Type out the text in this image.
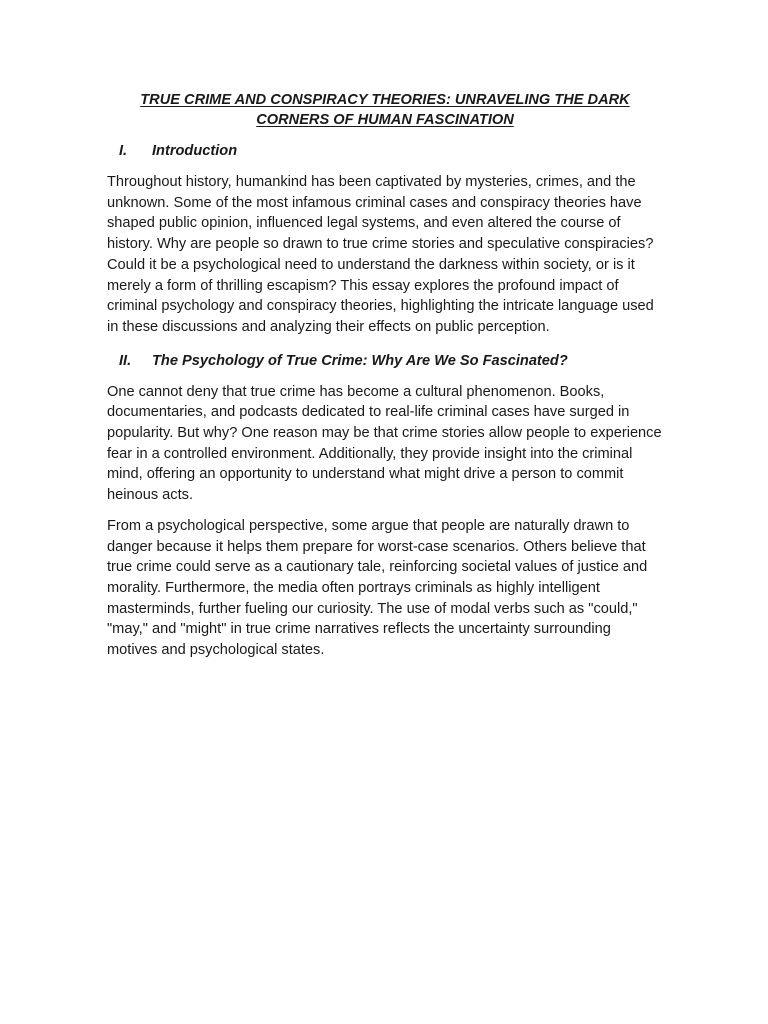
TRUE CRIME AND CONSPIRACY THEORIES: UNRAVELING THE DARK
CORNERS OF HUMAN FASCINATION
I.	Introduction

Throughout history, humankind has been captivated by mysteries, crimes, and the unknown. Some of the most infamous criminal cases and conspiracy theories have shaped public opinion, influenced legal systems, and even altered the course of history. Why are people so drawn to true crime stories and speculative conspiracies? Could it be a psychological need to understand the darkness within society, or is it merely a form of thrilling escapism? This essay explores the profound impact of criminal psychology and conspiracy theories, highlighting the intricate language used in these discussions and analyzing their effects on public perception.

II.	The Psychology of True Crime: Why Are We So Fascinated?

One cannot deny that true crime has become a cultural phenomenon. Books, documentaries, and podcasts dedicated to real-life criminal cases have surged in popularity. But why? One reason may be that crime stories allow people to experience fear in a controlled environment. Additionally, they provide insight into the criminal mind, offering an opportunity to understand what might drive a person to commit heinous acts.

From a psychological perspective, some argue that people are naturally drawn to danger because it helps them prepare for worst-case scenarios. Others believe that true crime could serve as a cautionary tale, reinforcing societal values of justice and morality. Furthermore, the media often portrays criminals as highly intelligent masterminds, further fueling our curiosity. The use of modal verbs such as "could," "may," and "might" in true crime narratives reflects the uncertainty surrounding motives and psychological states.
